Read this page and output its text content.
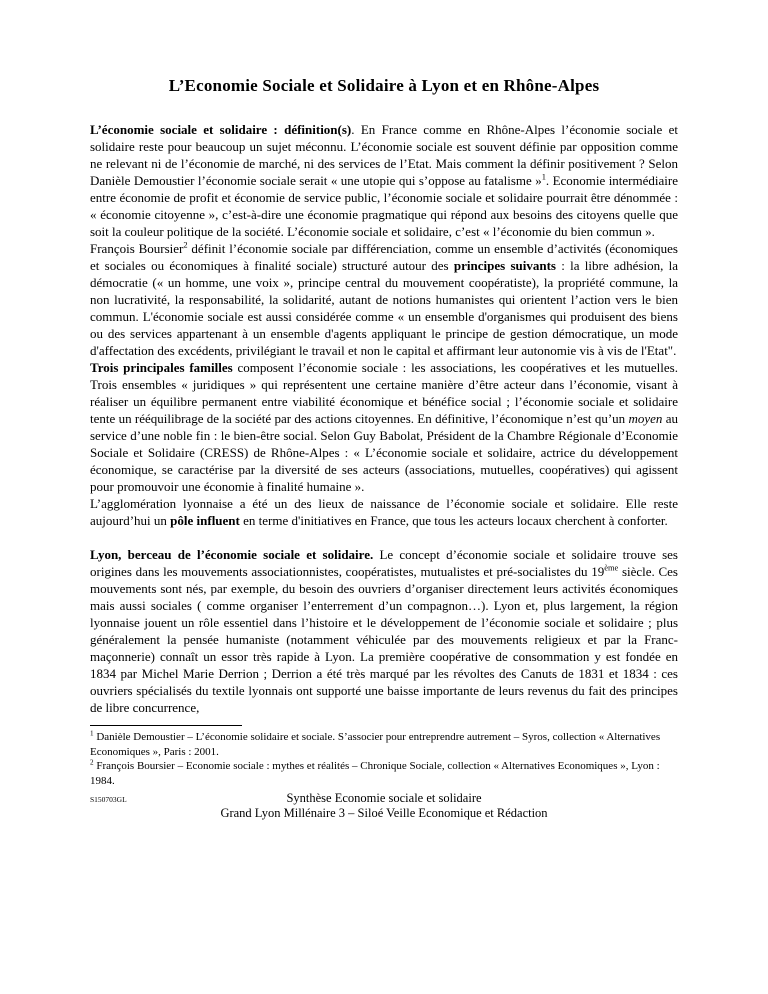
L’Economie Sociale et Solidaire à Lyon et en Rhône-Alpes

L’économie sociale et solidaire : définition(s). En France comme en Rhône-Alpes l’économie sociale et solidaire reste pour beaucoup un sujet méconnu. L’économie sociale est souvent définie par opposition comme ne relevant ni de l’économie de marché, ni des services de l’Etat. Mais comment la définir positivement ? Selon Danièle Demoustier l’économie sociale serait « une utopie qui s’oppose au fatalisme »$^1$. Economie intermédiaire entre économie de profit et économie de service public, l’économie sociale et solidaire pourrait être dénommée : « économie citoyenne », c’est-à-dire une économie pragmatique qui répond aux besoins des citoyens quelle que soit la couleur politique de la société. L’économie sociale et solidaire, c’est « l’économie du bien commun ».

François Boursier$^2$ définit l’économie sociale par différenciation, comme un ensemble d’activités (économiques et sociales ou économiques à finalité sociale) structuré autour des principes suivants : la libre adhésion, la démocratie (« un homme, une voix », principe central du mouvement coopératiste), la propriété commune, la non lucrativité, la responsabilité, la solidarité, autant de notions humanistes qui orientent l’action vers le bien commun. L'économie sociale est aussi considérée comme « un ensemble d'organismes qui produisent des biens ou des services appartenant à un ensemble d'agents appliquant le principe de gestion démocratique, un mode d'affectation des excédents, privilégiant le travail et non le capital et affirmant leur autonomie vis à vis de l'Etat".

Trois principales familles composent l’économie sociale : les associations, les coopératives et les mutuelles. Trois ensembles « juridiques » qui représentent une certaine manière d’être acteur dans l’économie, visant à réaliser un équilibre permanent entre viabilité économique et bénéfice social ; l’économie sociale et solidaire tente un rééquilibrage de la société par des actions citoyennes. En définitive, l’économique n’est qu’un moyen au service d’une noble fin : le bien-être social. Selon Guy Babolat, Président de la Chambre Régionale d’Economie Sociale et Solidaire (CRESS) de Rhône-Alpes : « L’économie sociale et solidaire, actrice du développement économique, se caractérise par la diversité de ses acteurs (associations, mutuelles, coopératives) qui agissent pour promouvoir une économie à finalité humaine ».

L’agglomération lyonnaise a été un des lieux de naissance de l’économie sociale et solidaire. Elle reste aujourd’hui un pôle influent en terme d'initiatives en France, que tous les acteurs locaux cherchent à conforter.

Lyon, berceau de l’économie sociale et solidaire. Le concept d’économie sociale et solidaire trouve ses origines dans les mouvements associationnistes, coopératistes, mutualistes et pré-socialistes du 19ème siècle. Ces mouvements sont nés, par exemple, du besoin des ouvriers d’organiser directement leurs activités économiques mais aussi sociales ( comme organiser l’enterrement d’un compagnon…). Lyon et, plus largement, la région lyonnaise jouent un rôle essentiel dans l’histoire et le développement de l’économie sociale et solidaire ; plus généralement la pensée humaniste (notamment véhiculée par des mouvements religieux et par la Franc-maçonnerie) connaît un essor très rapide à Lyon. La première coopérative de consommation y est fondée en 1834 par Michel Marie Derrion ; Derrion a été très marqué par les révoltes des Canuts de 1831 et 1834 : ces ouvriers spécialisés du textile lyonnais ont supporté une baisse importante de leurs revenus du fait des principes de libre concurrence,

$^1$ Danièle Demoustier – L’économie solidaire et sociale. S’associer pour entreprendre autrement – Syros, collection « Alternatives Economiques », Paris : 2001.

$^2$ François Boursier – Economie sociale : mythes et réalités – Chronique Sociale, collection « Alternatives Economiques », Lyon : 1984.

S150703GL	Synthèse Economie sociale et solidaire
Grand Lyon Millénaire 3 – Siloé Veille Economique et Rédaction
